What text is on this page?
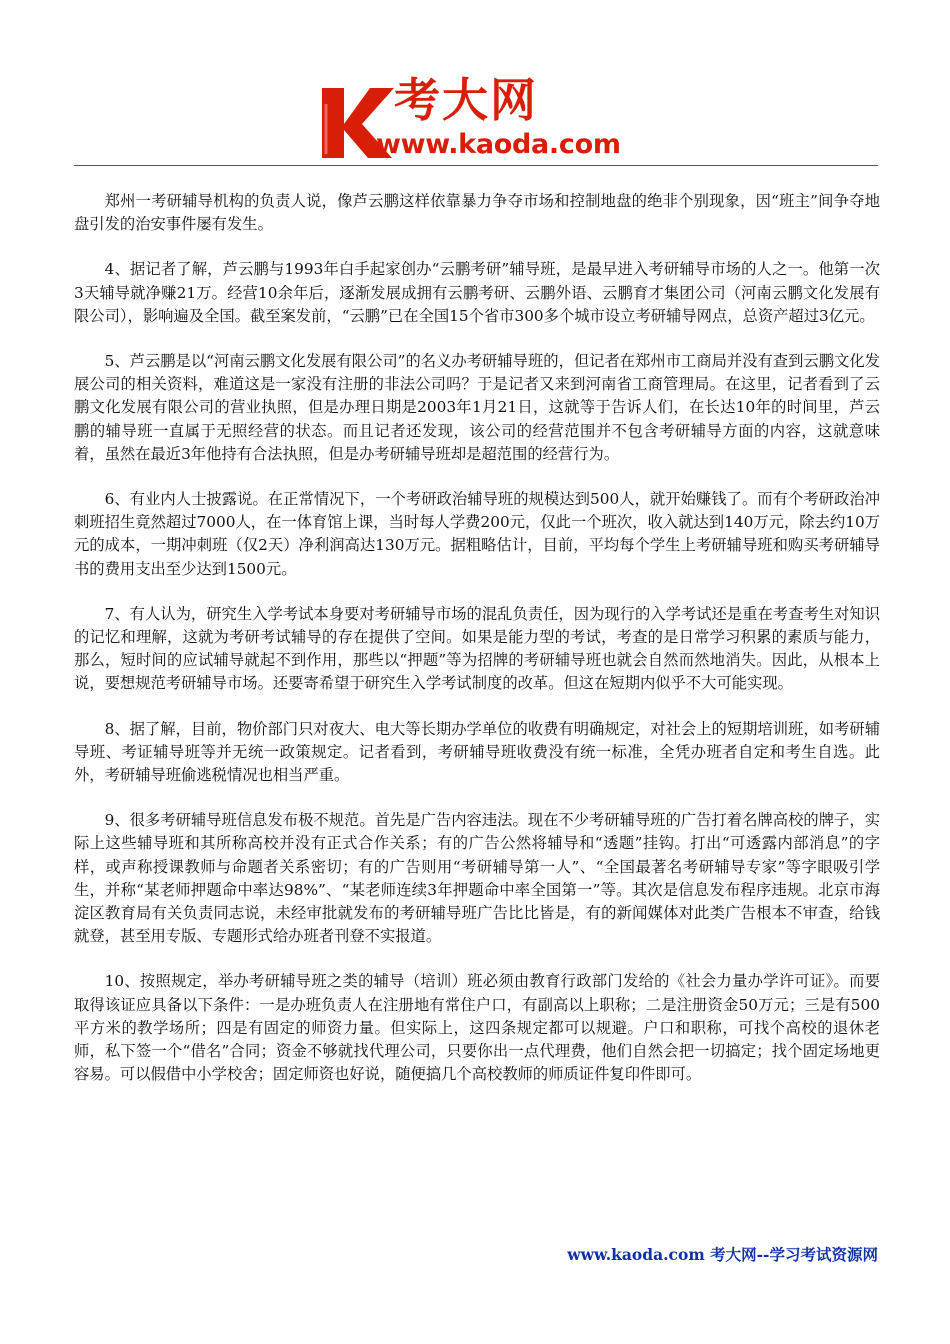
考大网
www.kaoda.com

郑州一考研辅导机构的负责人说，像芦云鹏这样依靠暴力争夺市场和控制地盘的绝非个别现象，因“班主”间争夺地盘引发的治安事件屡有发生。

4、据记者了解，芦云鹏与1993年白手起家创办“云鹏考研”辅导班，是最早进入考研辅导市场的人之一。他第一次3天辅导就净赚21万。经营10余年后，逐渐发展成拥有云鹏考研、云鹏外语、云鹏育才集团公司（河南云鹏文化发展有限公司），影响遍及全国。截至案发前，“云鹏”已在全国15个省市300多个城市设立考研辅导网点，总资产超过3亿元。

5、芦云鹏是以“河南云鹏文化发展有限公司”的名义办考研辅导班的，但记者在郑州市工商局并没有查到云鹏文化发展公司的相关资料，难道这是一家没有注册的非法公司吗？于是记者又来到河南省工商管理局。在这里，记者看到了云鹏文化发展有限公司的营业执照，但是办理日期是2003年1月21日，这就等于告诉人们，在长达10年的时间里，芦云鹏的辅导班一直属于无照经营的状态。而且记者还发现，该公司的经营范围并不包含考研辅导方面的内容，这就意味着，虽然在最近3年他持有合法执照，但是办考研辅导班却是超范围的经营行为。

6、有业内人士披露说。在正常情况下，一个考研政治辅导班的规模达到500人，就开始赚钱了。而有个考研政治冲刺班招生竟然超过7000人，在一体育馆上课，当时每人学费200元，仅此一个班次，收入就达到140万元，除去约10万元的成本，一期冲刺班（仅2天）净利润高达130万元。据粗略估计，目前，平均每个学生上考研辅导班和购买考研辅导书的费用支出至少达到1500元。

7、有人认为，研究生入学考试本身要对考研辅导市场的混乱负责任，因为现行的入学考试还是重在考查考生对知识的记忆和理解，这就为考研考试辅导的存在提供了空间。如果是能力型的考试，考查的是日常学习积累的素质与能力，那么，短时间的应试辅导就起不到作用，那些以“押题”等为招牌的考研辅导班也就会自然而然地消失。因此，从根本上说，要想规范考研辅导市场。还要寄希望于研究生入学考试制度的改革。但这在短期内似乎不大可能实现。

8、据了解，目前，物价部门只对夜大、电大等长期办学单位的收费有明确规定，对社会上的短期培训班，如考研辅导班、考证辅导班等并无统一政策规定。记者看到，考研辅导班收费没有统一标准，全凭办班者自定和考生自选。此外，考研辅导班偷逃税情况也相当严重。

9、很多考研辅导班信息发布极不规范。首先是广告内容违法。现在不少考研辅导班的广告打着名牌高校的牌子，实际上这些辅导班和其所称高校并没有正式合作关系；有的广告公然将辅导和“透题”挂钩。打出“可透露内部消息”的字样，或声称授课教师与命题者关系密切；有的广告则用“考研辅导第一人”、“全国最著名考研辅导专家”等字眼吸引学生，并称“某老师押题命中率达98%”、“某老师连续3年押题命中率全国第一”等。其次是信息发布程序违规。北京市海淀区教育局有关负责同志说，未经审批就发布的考研辅导班广告比比皆是，有的新闻媒体对此类广告根本不审查，给钱就登，甚至用专版、专题形式给办班者刊登不实报道。

10、按照规定，举办考研辅导班之类的辅导（培训）班必须由教育行政部门发给的《社会力量办学许可证》。而要取得该证应具备以下条件：一是办班负责人在注册地有常住户口，有副高以上职称；二是注册资金50万元；三是有500平方米的教学场所；四是有固定的师资力量。但实际上，这四条规定都可以规避。户口和职称，可找个高校的退休老师，私下签一个“借名”合同；资金不够就找代理公司，只要你出一点代理费，他们自然会把一切搞定；找个固定场地更容易。可以假借中小学校舍；固定师资也好说，随便搞几个高校教师的师质证件复印件即可。

www.kaoda.com 考大网--学习考试资源网
